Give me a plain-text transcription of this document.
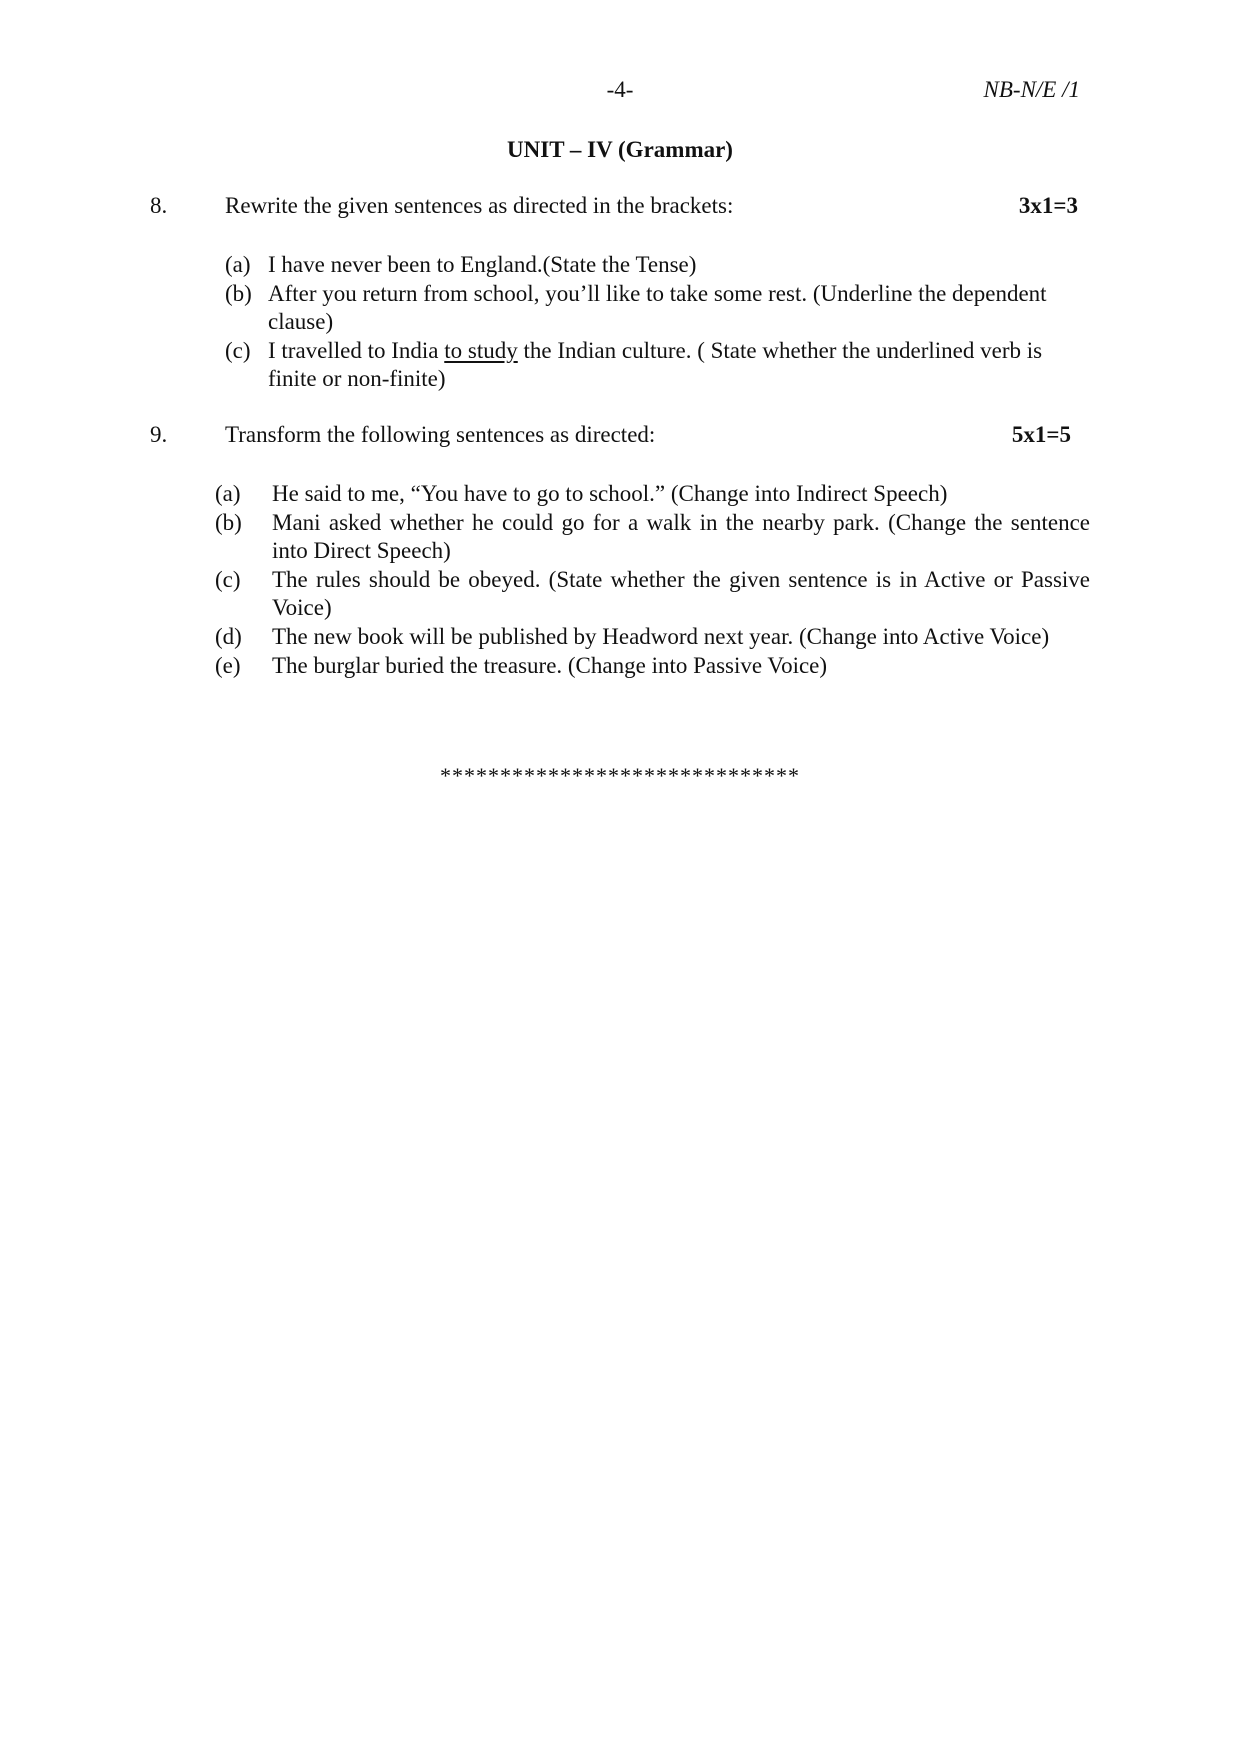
-4-	NB-N/E /1
UNIT – IV (Grammar)
8.	Rewrite the given sentences as directed in the brackets:	3x1=3
(a) I have never been to England.(State the Tense)
(b) After you return from school, you’ll like to take some rest. (Underline the dependent clause)
(c) I travelled to India to study the Indian culture. ( State whether the underlined verb is finite or non-finite)
9.	Transform the following sentences as directed:	5x1=5
(a) He said to me, “You have to go to school.” (Change into Indirect Speech)
(b) Mani asked whether he could go for a walk in the nearby park. (Change the sentence into Direct Speech)
(c) The rules should be obeyed. (State whether the given sentence is in Active or Passive Voice)
(d) The new book will be published by Headword next year. (Change into Active Voice)
(e) The burglar buried the treasure. (Change into Passive Voice)
******************************
